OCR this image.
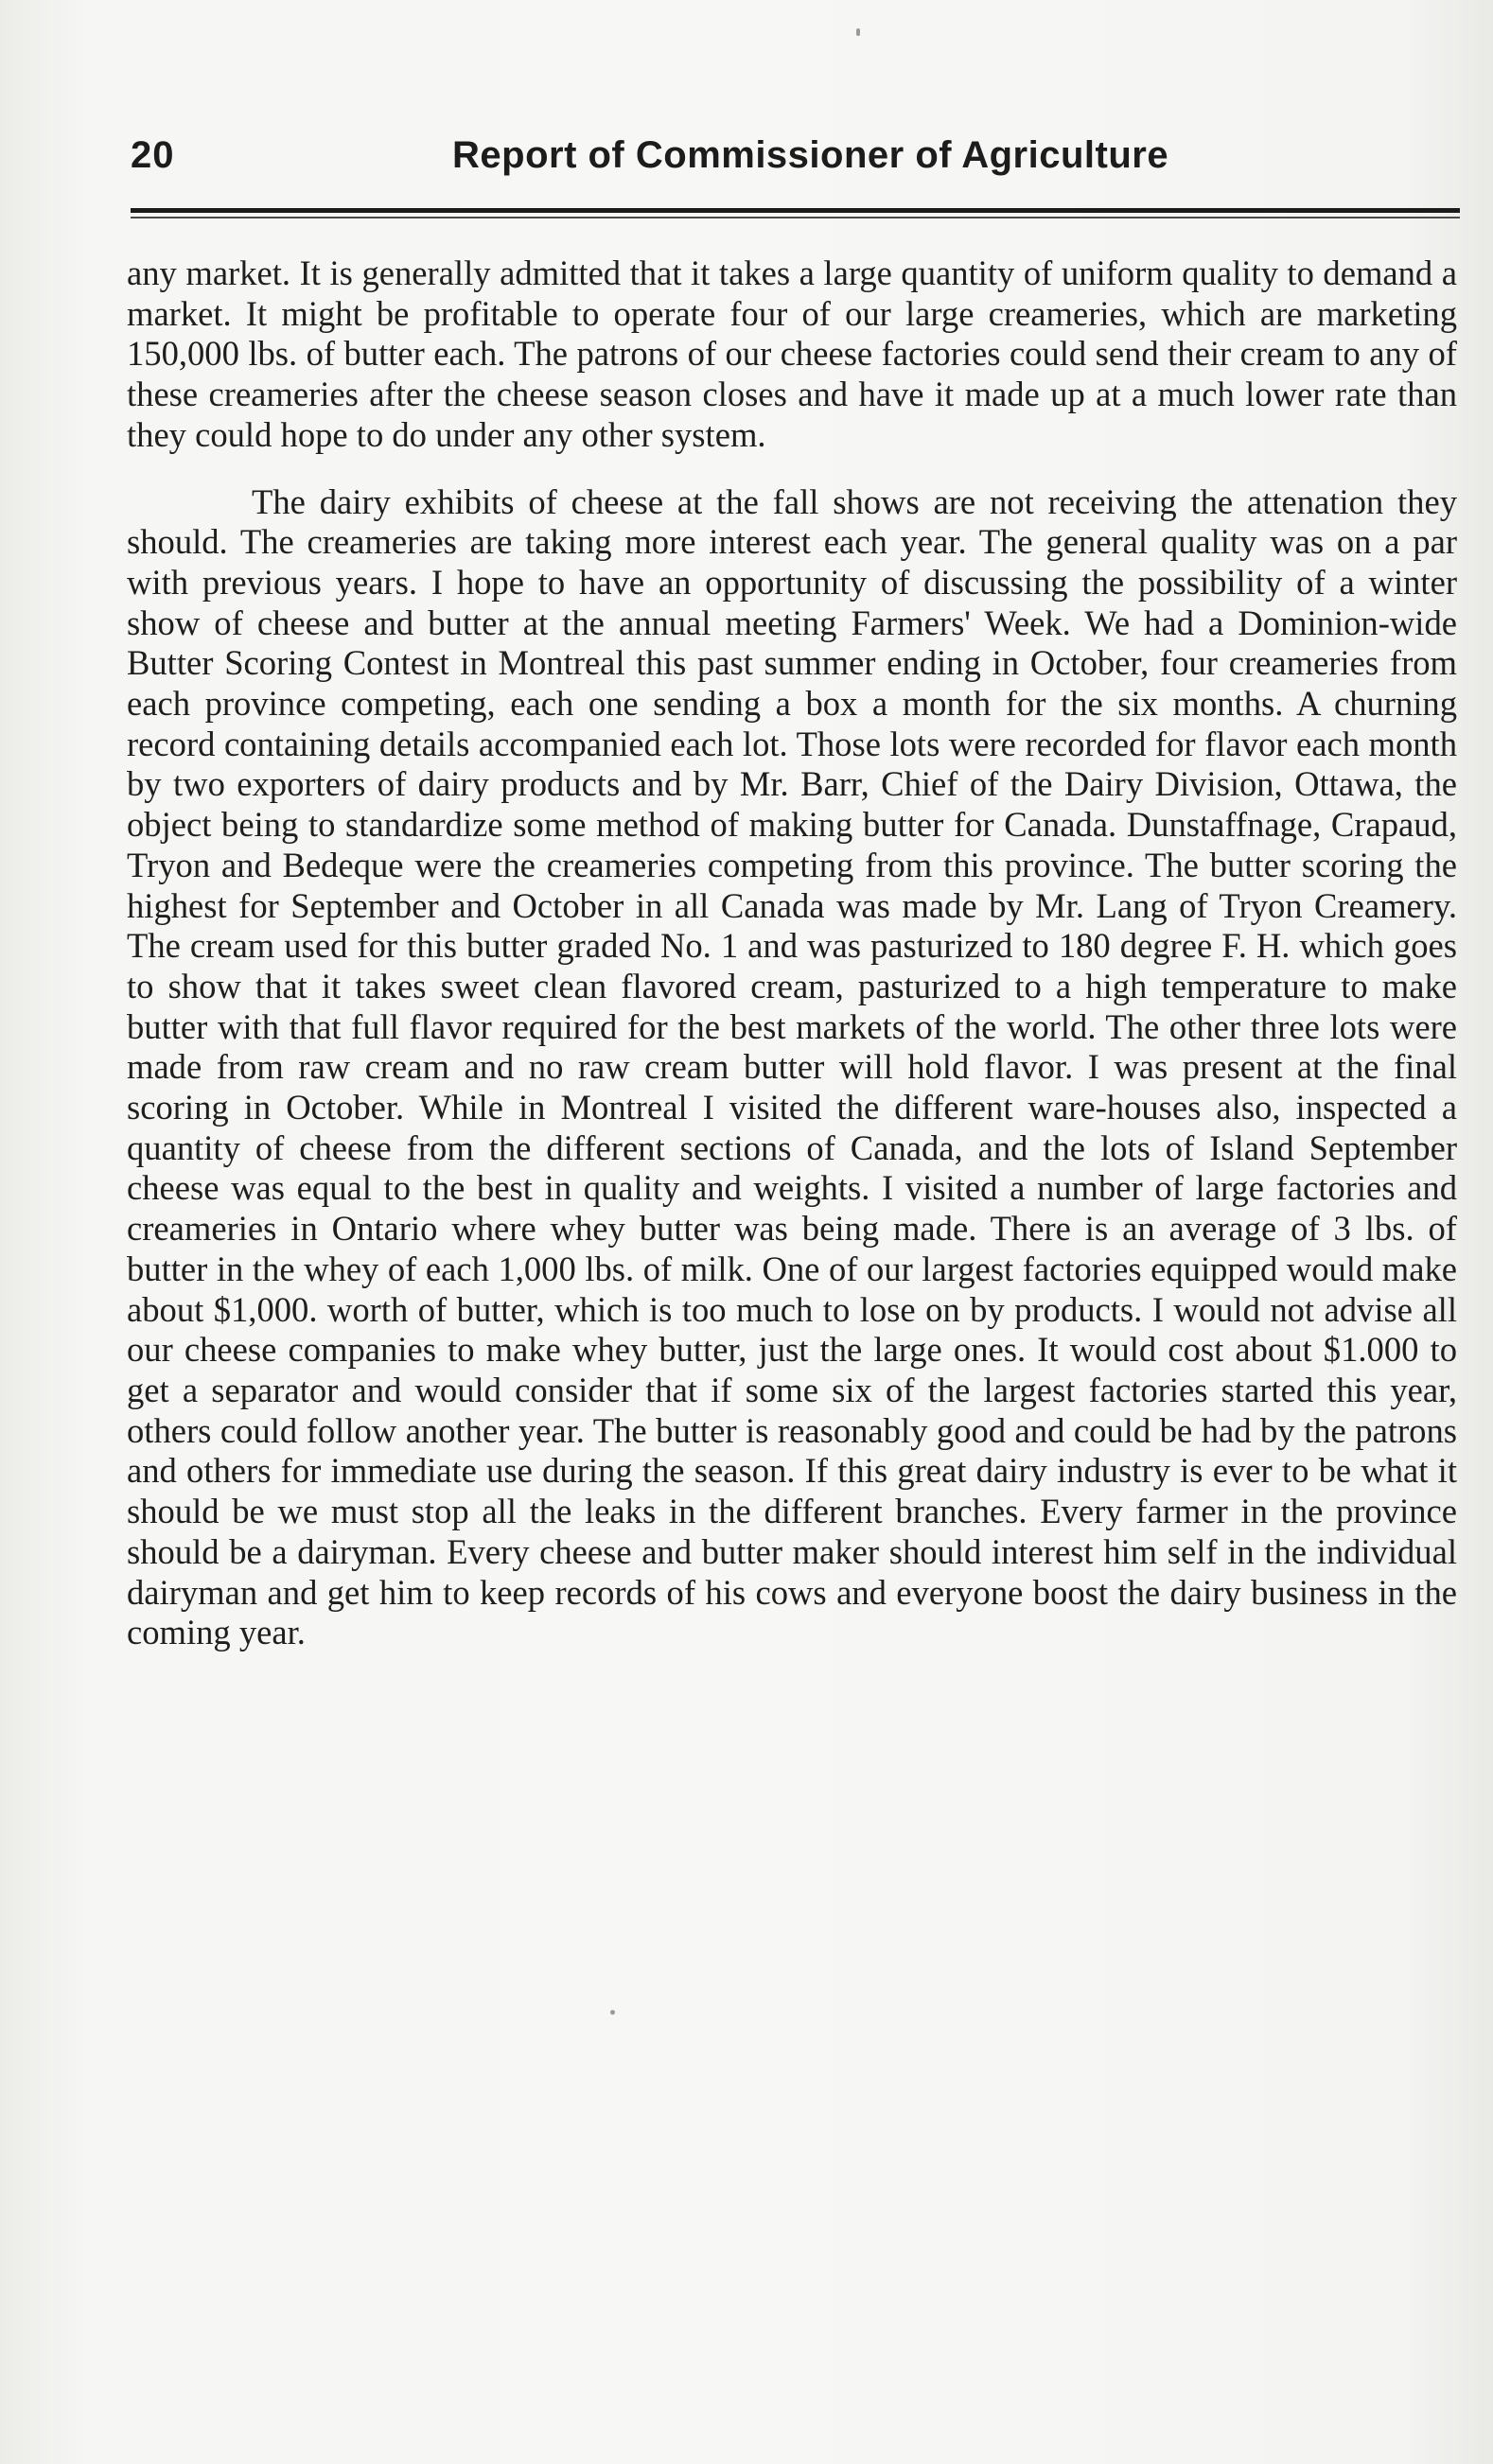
20	Report of Commissioner of Agriculture

any market. It is generally admitted that it takes a large quantity of uniform quality to demand a market. It might be profitable to operate four of our large creameries, which are marketing 150,000 lbs. of butter each. The patrons of our cheese factories could send their cream to any of these creameries after the cheese season closes and have it made up at a much lower rate than they could hope to do under any other system.

The dairy exhibits of cheese at the fall shows are not receiving the attenation they should. The creameries are taking more interest each year. The general quality was on a par with previous years. I hope to have an opportunity of discussing the possibility of a winter show of cheese and butter at the annual meeting Farmers' Week. We had a Dominion-wide Butter Scoring Contest in Montreal this past summer ending in October, four creameries from each province competing, each one sending a box a month for the six months. A churning record containing details accompanied each lot. Those lots were recorded for flavor each month by two exporters of dairy products and by Mr. Barr, Chief of the Dairy Division, Ottawa, the object being to standardize some method of making butter for Canada. Dunstaffnage, Crapaud, Tryon and Bedeque were the creameries competing from this province. The butter scoring the highest for September and October in all Canada was made by Mr. Lang of Tryon Creamery. The cream used for this butter graded No. 1 and was pasturized to 180 degree F. H. which goes to show that it takes sweet clean flavored cream, pasturized to a high temperature to make butter with that full flavor required for the best markets of the world. The other three lots were made from raw cream and no raw cream butter will hold flavor. I was present at the final scoring in October. While in Montreal I visited the different ware-houses also, inspected a quantity of cheese from the different sections of Canada, and the lots of Island September cheese was equal to the best in quality and weights. I visited a number of large factories and creameries in Ontario where whey butter was being made. There is an average of 3 lbs. of butter in the whey of each 1,000 lbs. of milk. One of our largest factories equipped would make about $1,000. worth of butter, which is too much to lose on by products. I would not advise all our cheese companies to make whey butter, just the large ones. It would cost about $1.000 to get a separator and would consider that if some six of the largest factories started this year, others could follow another year. The butter is reasonably good and could be had by the patrons and others for immediate use during the season. If this great dairy industry is ever to be what it should be we must stop all the leaks in the different branches. Every farmer in the province should be a dairyman. Every cheese and butter maker should interest him self in the individual dairyman and get him to keep records of his cows and everyone boost the dairy business in the coming year.
